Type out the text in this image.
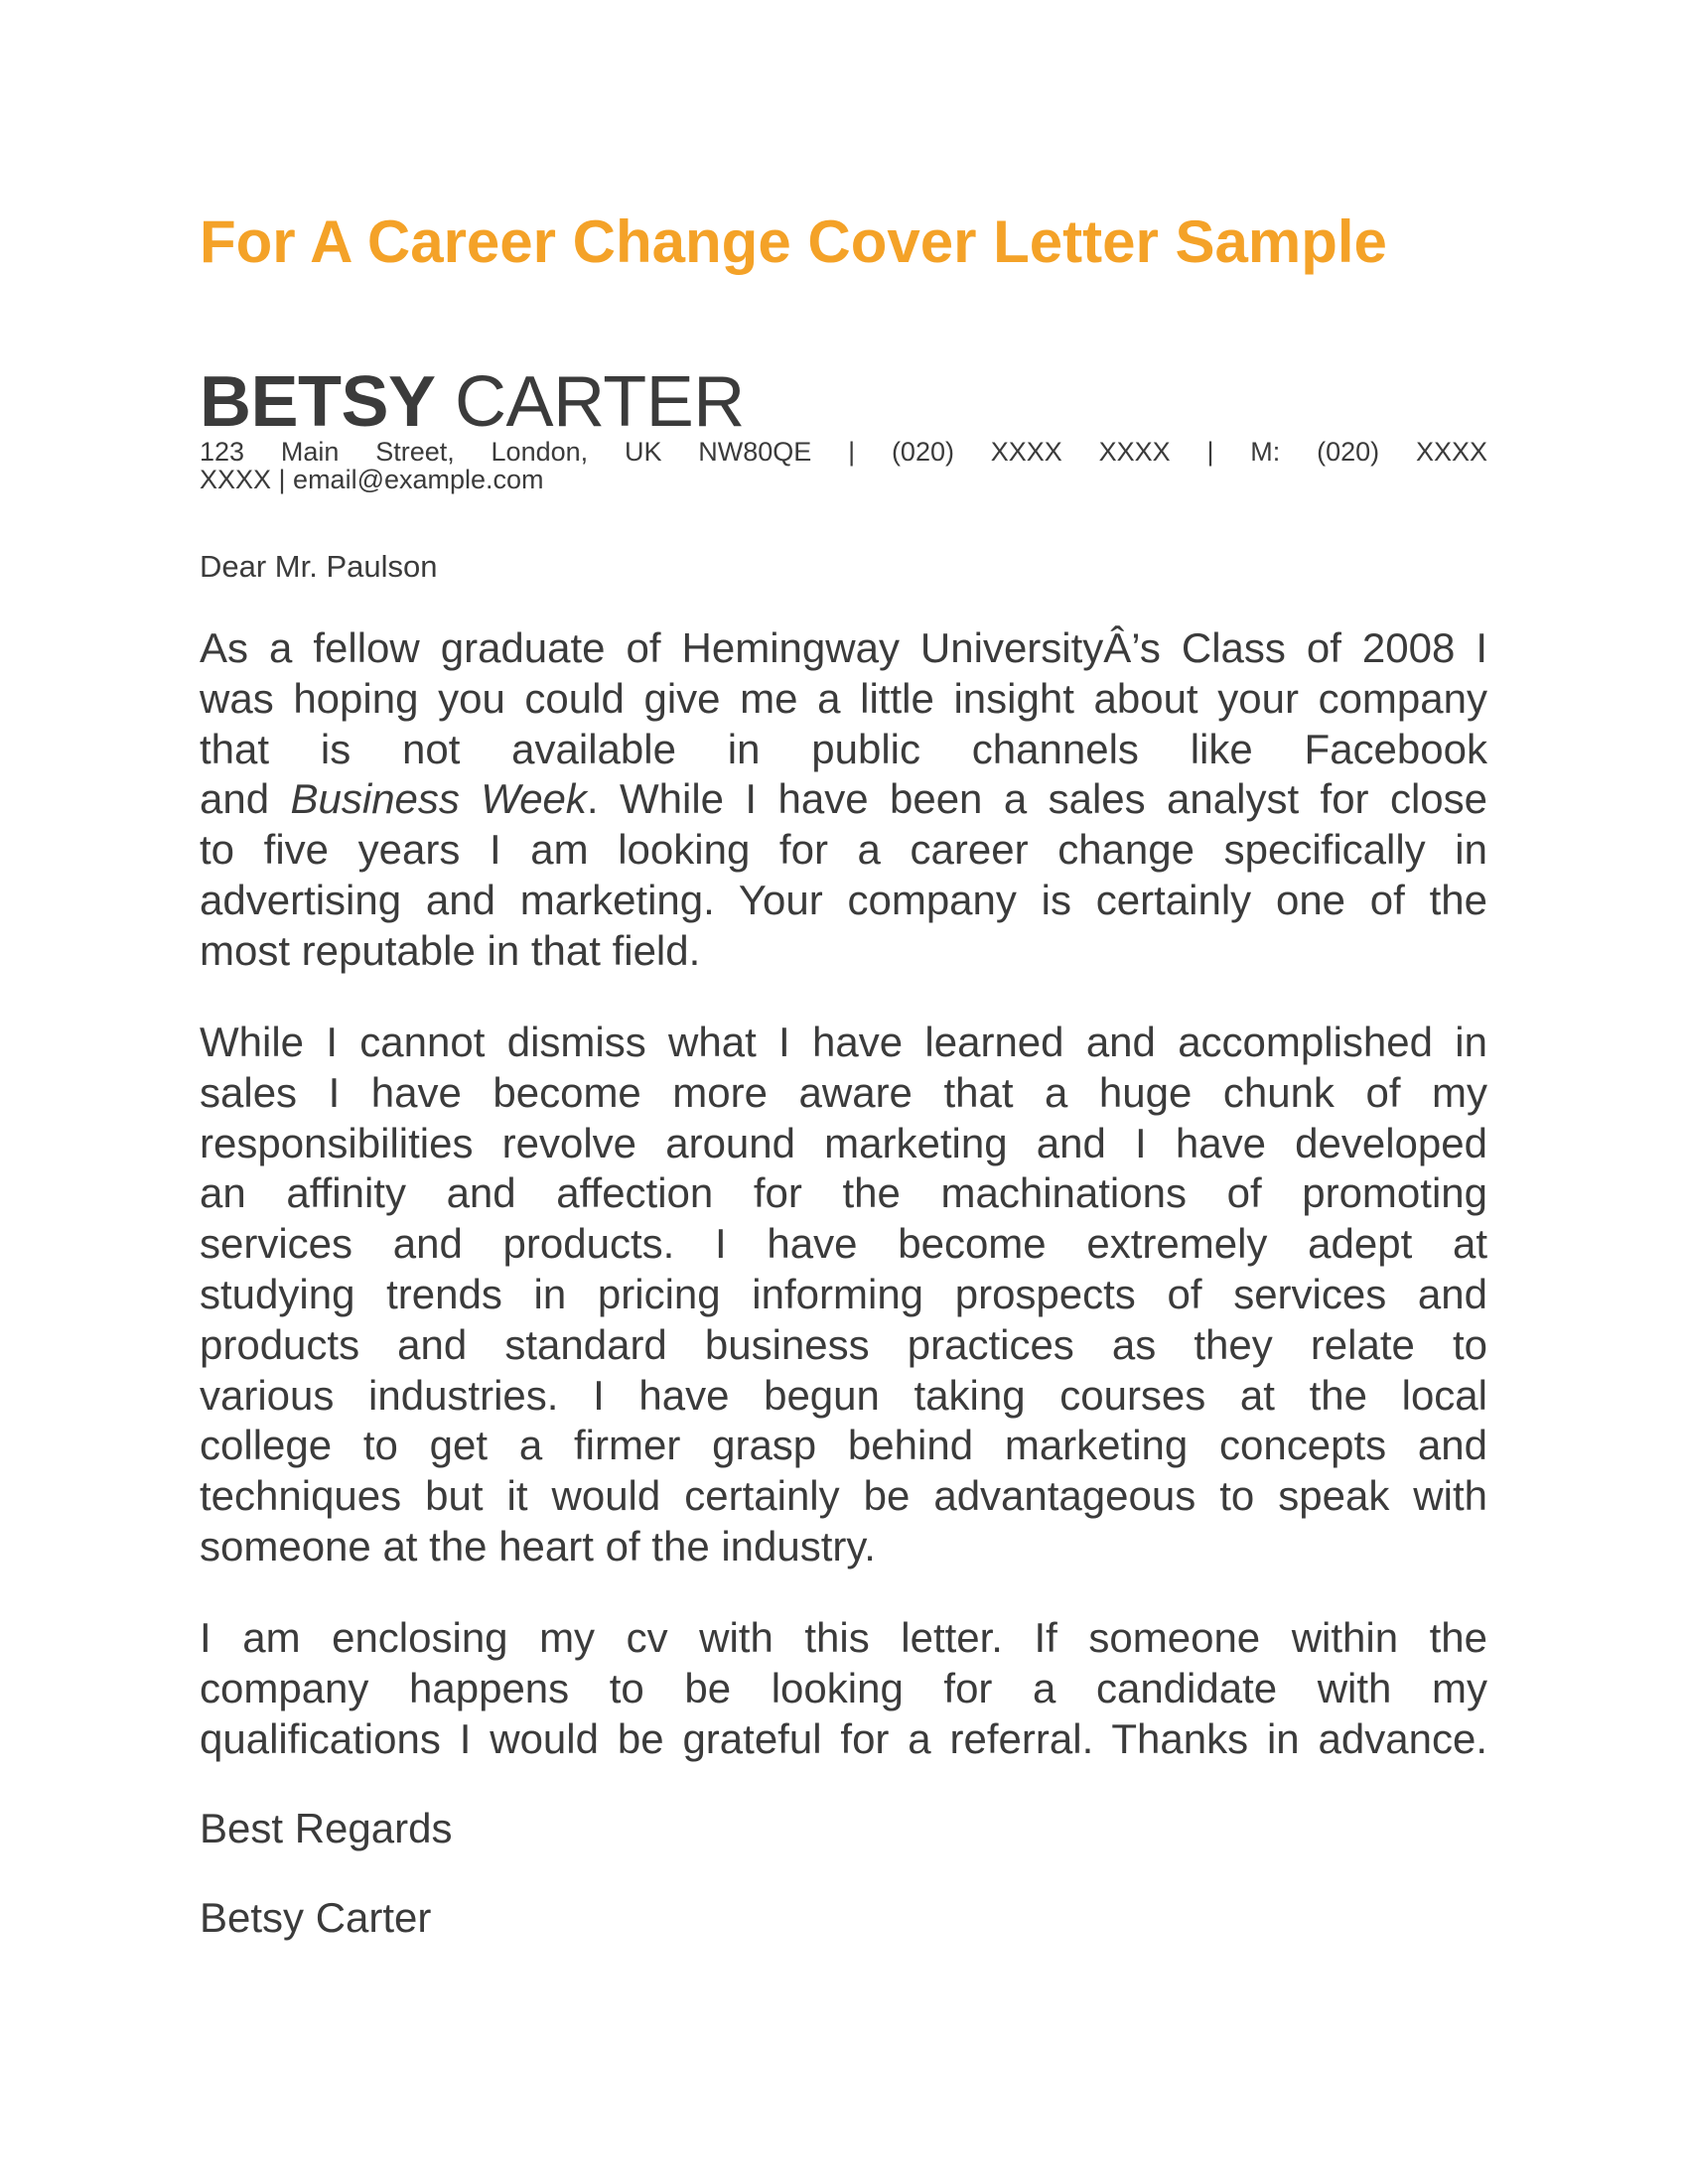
For A Career Change Cover Letter Sample
BETSY CARTER
123 Main Street, London, UK NW80QE | (020) XXXX XXXX | M: (020) XXXX
XXXX | email@example.com
Dear Mr. Paulson
As a fellow graduate of Hemingway UniversityÂ’s Class of 2008 I
was hoping you could give me a little insight about your company
that is not available in public channels like Facebook
and Business Week. While I have been a sales analyst for close
to five years I am looking for a career change specifically in
advertising and marketing. Your company is certainly one of the
most reputable in that field.
While I cannot dismiss what I have learned and accomplished in
sales I have become more aware that a huge chunk of my
responsibilities revolve around marketing and I have developed
an affinity and affection for the machinations of promoting
services and products. I have become extremely adept at
studying trends in pricing informing prospects of services and
products and standard business practices as they relate to
various industries. I have begun taking courses at the local
college to get a firmer grasp behind marketing concepts and
techniques but it would certainly be advantageous to speak with
someone at the heart of the industry.
I am enclosing my cv with this letter. If someone within the
company happens to be looking for a candidate with my
qualifications I would be grateful for a referral. Thanks in advance.
Best Regards
Betsy Carter
